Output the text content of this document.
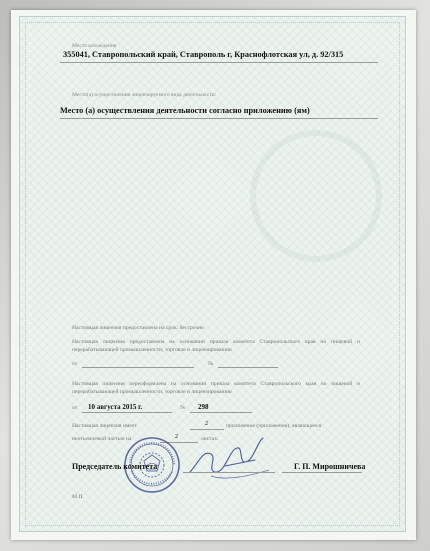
Место нахождения
355041, Ставропольский край, Ставрополь г, Краснофлотская ул, д. 92/315
Место(а) осуществления лицензируемого вида деятельности:
Место (а) осуществления деятельности согласно приложению (ям)
Настоящая лицензия предоставлена на срок: бессрочно
Настоящая лицензия предоставлена на основании приказа комитета Ставропольского края по пищевой и перерабатывающей промышленности, торговле и лицензированию
от	№
Настоящая лицензия переоформлена на основании приказа комитета Ставропольского края по пищевой и перерабатывающей промышленности, торговле и лицензированию
от 10 августа 2015 г.	№ 298
Настоящая лицензия имеет	2	приложение (приложения), являющееся
неотъемлемой частью на	2	листах.
Председатель комитета	Г. П. Мирошничева
М.П.
